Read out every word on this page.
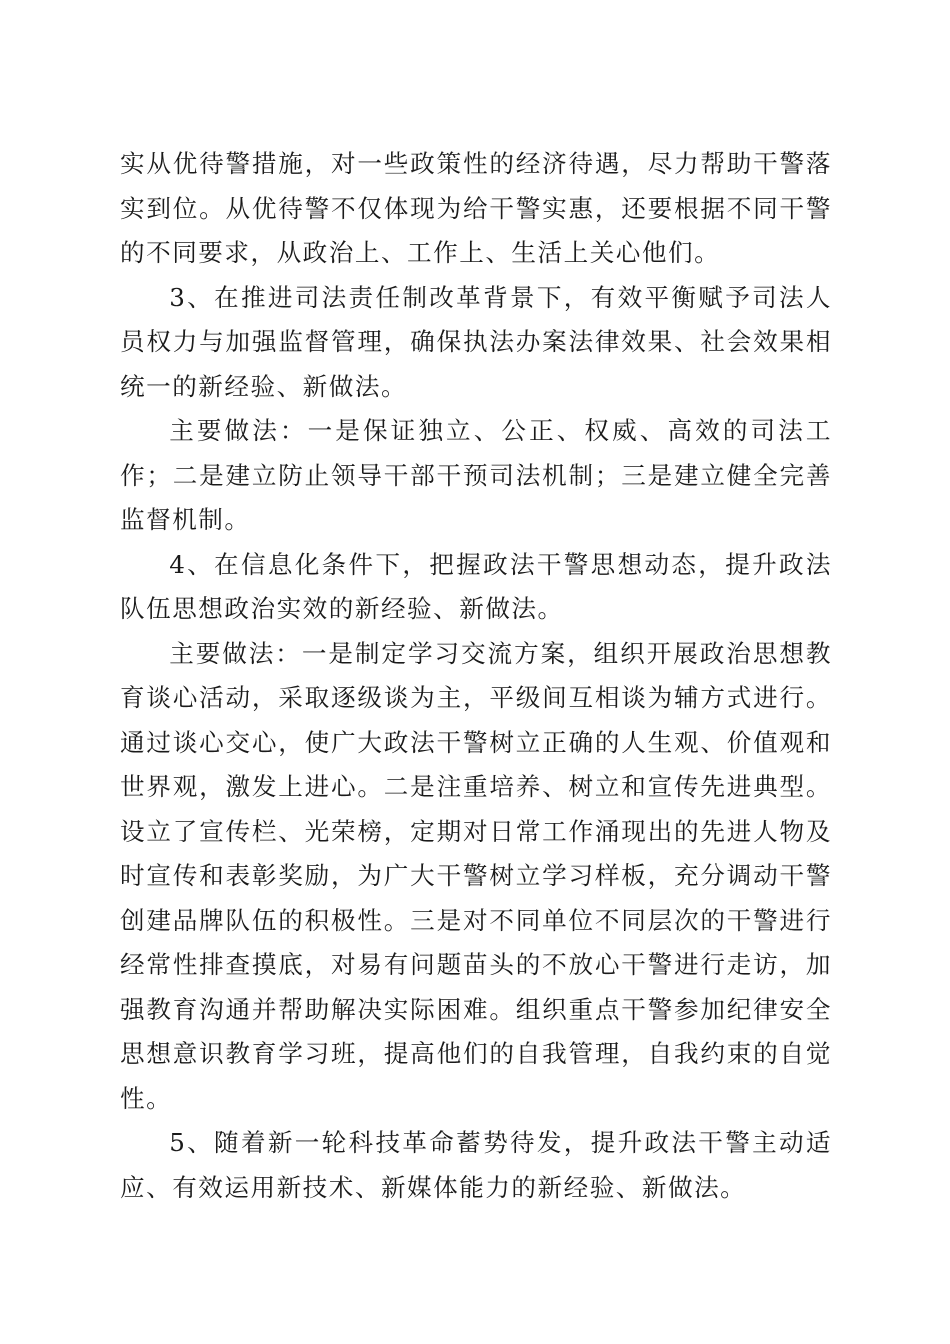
实从优待警措施，对一些政策性的经济待遇，尽力帮助干警落实到位。从优待警不仅体现为给干警实惠，还要根据不同干警的不同要求，从政治上、工作上、生活上关心他们。

3、在推进司法责任制改革背景下，有效平衡赋予司法人员权力与加强监督管理，确保执法办案法律效果、社会效果相统一的新经验、新做法。

主要做法：一是保证独立、公正、权威、高效的司法工作；二是建立防止领导干部干预司法机制；三是建立健全完善监督机制。

4、在信息化条件下，把握政法干警思想动态，提升政法队伍思想政治实效的新经验、新做法。

主要做法：一是制定学习交流方案，组织开展政治思想教育谈心活动，采取逐级谈为主，平级间互相谈为辅方式进行。通过谈心交心，使广大政法干警树立正确的人生观、价值观和世界观，激发上进心。二是注重培养、树立和宣传先进典型。设立了宣传栏、光荣榜，定期对日常工作涌现出的先进人物及时宣传和表彰奖励，为广大干警树立学习样板，充分调动干警创建品牌队伍的积极性。三是对不同单位不同层次的干警进行经常性排查摸底，对易有问题苗头的不放心干警进行走访，加强教育沟通并帮助解决实际困难。组织重点干警参加纪律安全思想意识教育学习班，提高他们的自我管理，自我约束的自觉性。

5、随着新一轮科技革命蓄势待发，提升政法干警主动适应、有效运用新技术、新媒体能力的新经验、新做法。
